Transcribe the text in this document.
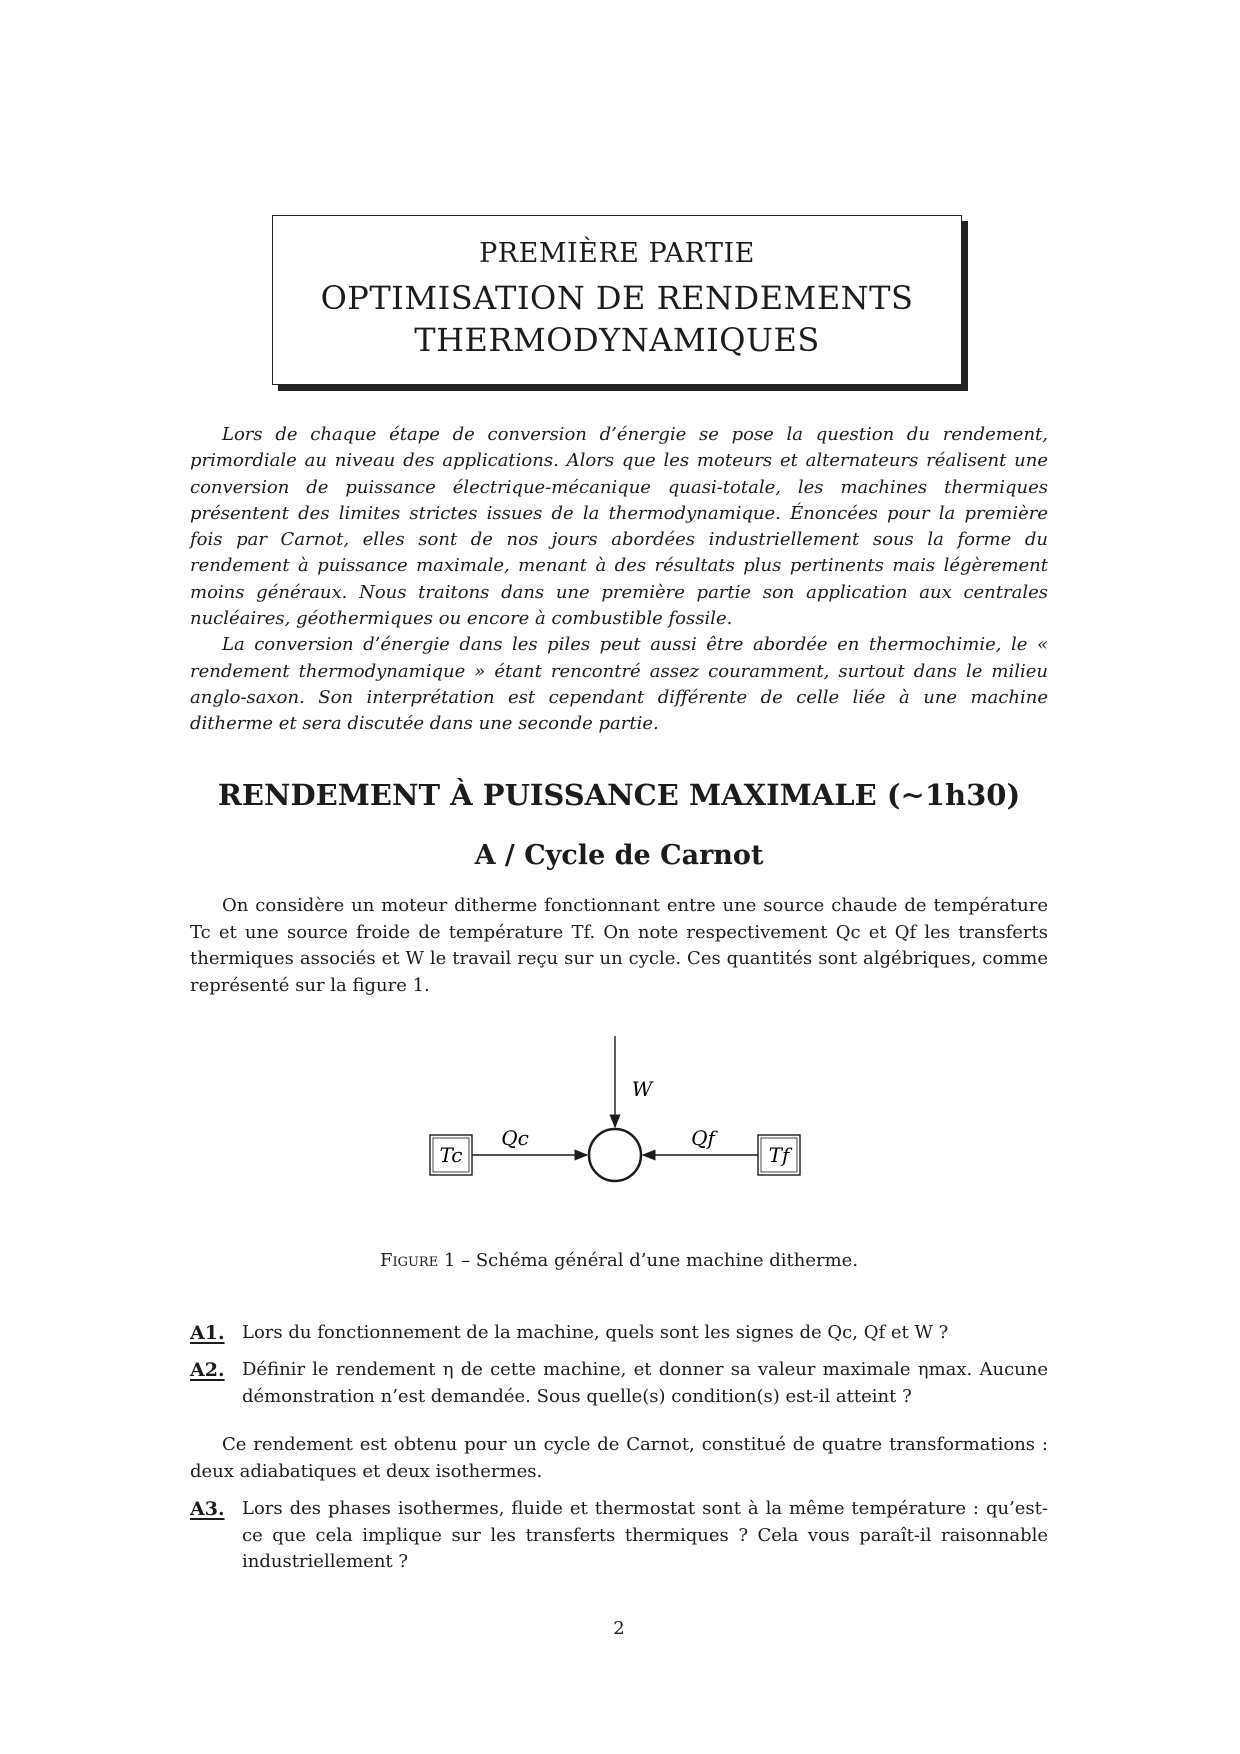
PREMIÈRE PARTIE
OPTIMISATION DE RENDEMENTS
THERMODYNAMIQUES

Lors de chaque étape de conversion d’énergie se pose la question du rendement, primordiale au niveau des applications. Alors que les moteurs et alternateurs réalisent une conversion de puissance électrique-mécanique quasi-totale, les machines thermiques présentent des limites strictes issues de la thermodynamique. Énoncées pour la première fois par Carnot, elles sont de nos jours abordées industriellement sous la forme du rendement à puissance maximale, menant à des résultats plus pertinents mais légèrement moins généraux. Nous traitons dans une première partie son application aux centrales nucléaires, géothermiques ou encore à combustible fossile.

La conversion d’énergie dans les piles peut aussi être abordée en thermochimie, le « rendement thermodynamique » étant rencontré assez couramment, surtout dans le milieu anglo-saxon. Son interprétation est cependant différente de celle liée à une machine ditherme et sera discutée dans une seconde partie.

RENDEMENT À PUISSANCE MAXIMALE (∼1h30)
A / Cycle de Carnot

On considère un moteur ditherme fonctionnant entre une source chaude de température Tc et une source froide de température Tf. On note respectivement Qc et Qf les transferts thermiques associés et W le travail reçu sur un cycle. Ces quantités sont algébriques, comme représenté sur la figure 1.

Tc	Tf
Qc	Qf
W
Figure 1 – Schéma général d’une machine ditherme.
A1. Lors du fonctionnement de la machine, quels sont les signes de Qc, Qf et W ?
A2. Définir le rendement η de cette machine, et donner sa valeur maximale ηmax. Aucune démonstration n’est demandée. Sous quelle(s) condition(s) est-il atteint ?

Ce rendement est obtenu pour un cycle de Carnot, constitué de quatre transformations : deux adiabatiques et deux isothermes.

A3. Lors des phases isothermes, fluide et thermostat sont à la même température : qu’est-ce que cela implique sur les transferts thermiques ? Cela vous paraît-il raisonnable industriellement ?
2
